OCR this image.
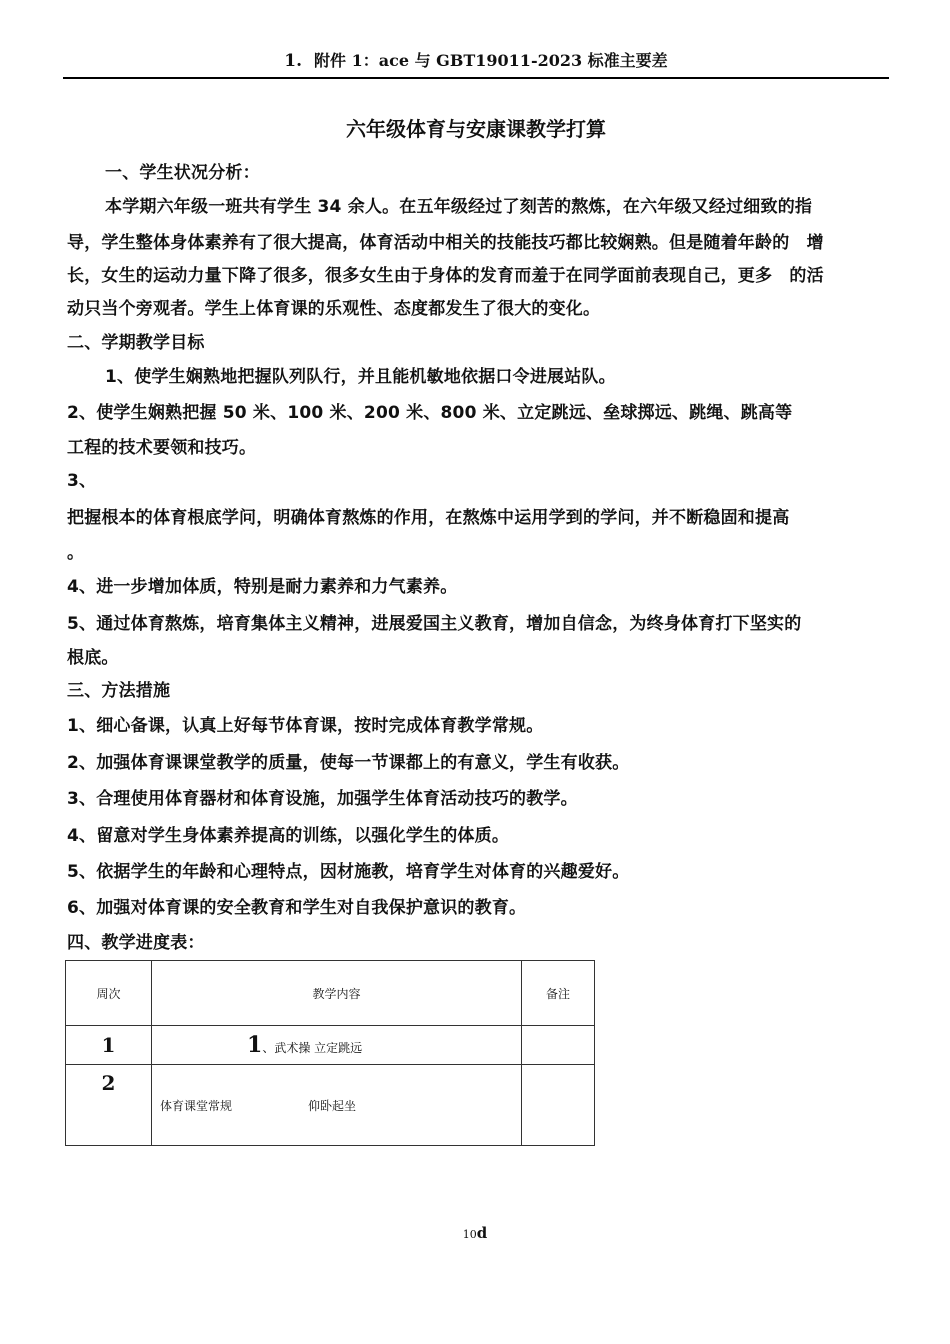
1. 附件 1：ace 与 GBT19011-2023 标准主要差
六年级体育与安康课教学打算
一、学生状况分析：
本学期六年级一班共有学生 34 余人。在五年级经过了刻苦的熬炼，在六年级又经过细致的指
导，学生整体身体素养有了很大提高，体育活动中相关的技能技巧都比较娴熟。但是随着年龄的　增
长，女生的运动力量下降了很多，很多女生由于身体的发育而羞于在同学面前表现自己，更多　的活
动只当个旁观者。学生上体育课的乐观性、态度都发生了很大的变化。
二、学期教学目标
1、使学生娴熟地把握队列队行，并且能机敏地依据口令进展站队。
2、使学生娴熟把握 50 米、100 米、200 米、800 米、立定跳远、垒球掷远、跳绳、跳高等
工程的技术要领和技巧。
3、
把握根本的体育根底学问，明确体育熬炼的作用，在熬炼中运用学到的学问，并不断稳固和提高
。
4、进一步增加体质，特别是耐力素养和力气素养。
5、通过体育熬炼，培育集体主义精神，进展爱国主义教育，增加自信念，为终身体育打下坚实的
根底。
三、方法措施
1、细心备课，认真上好每节体育课，按时完成体育教学常规。
2、加强体育课课堂教学的质量，使每一节课都上的有意义，学生有收获。
3、合理使用体育器材和体育设施，加强学生体育活动技巧的教学。
4、留意对学生身体素养提高的训练，以强化学生的体质。
5、依据学生的年龄和心理特点，因材施教，培育学生对体育的兴趣爱好。
6、加强对体育课的安全教育和学生对自我保护意识的教育。
四、教学进度表：
周次	教学内容	备注
1	1、武术操 立定跳远	
2	体育课堂常规 仰卧起坐	
10d
